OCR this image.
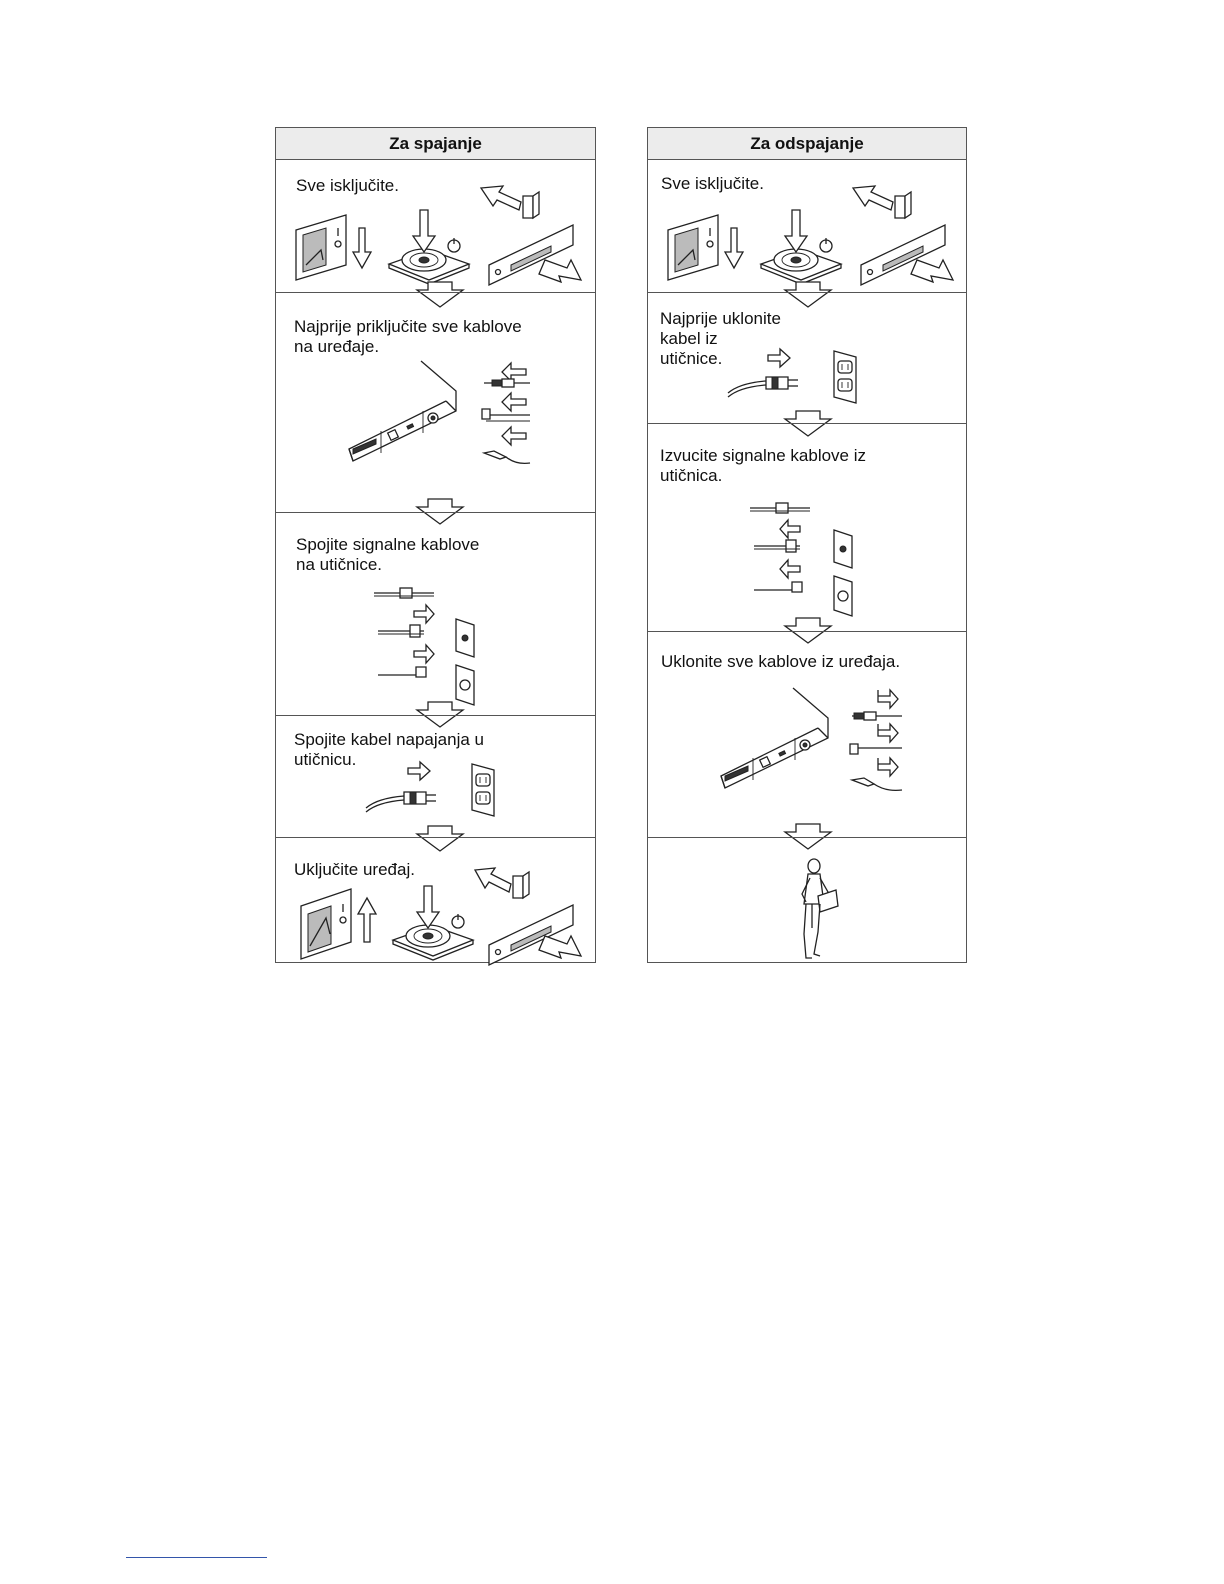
Za spajanje
Sve isključite.
Najprije priključite sve kablove
na uređaje.
Spojite signalne kablove
na utičnice.
Spojite kabel napajanja u
utičnicu.
Uključite uređaj.
Za odspajanje
Sve isključite.
Najprije uklonite
kabel iz
utičnice.
Izvucite signalne kablove iz
utičnica.
Uklonite sve kablove iz uređaja.
